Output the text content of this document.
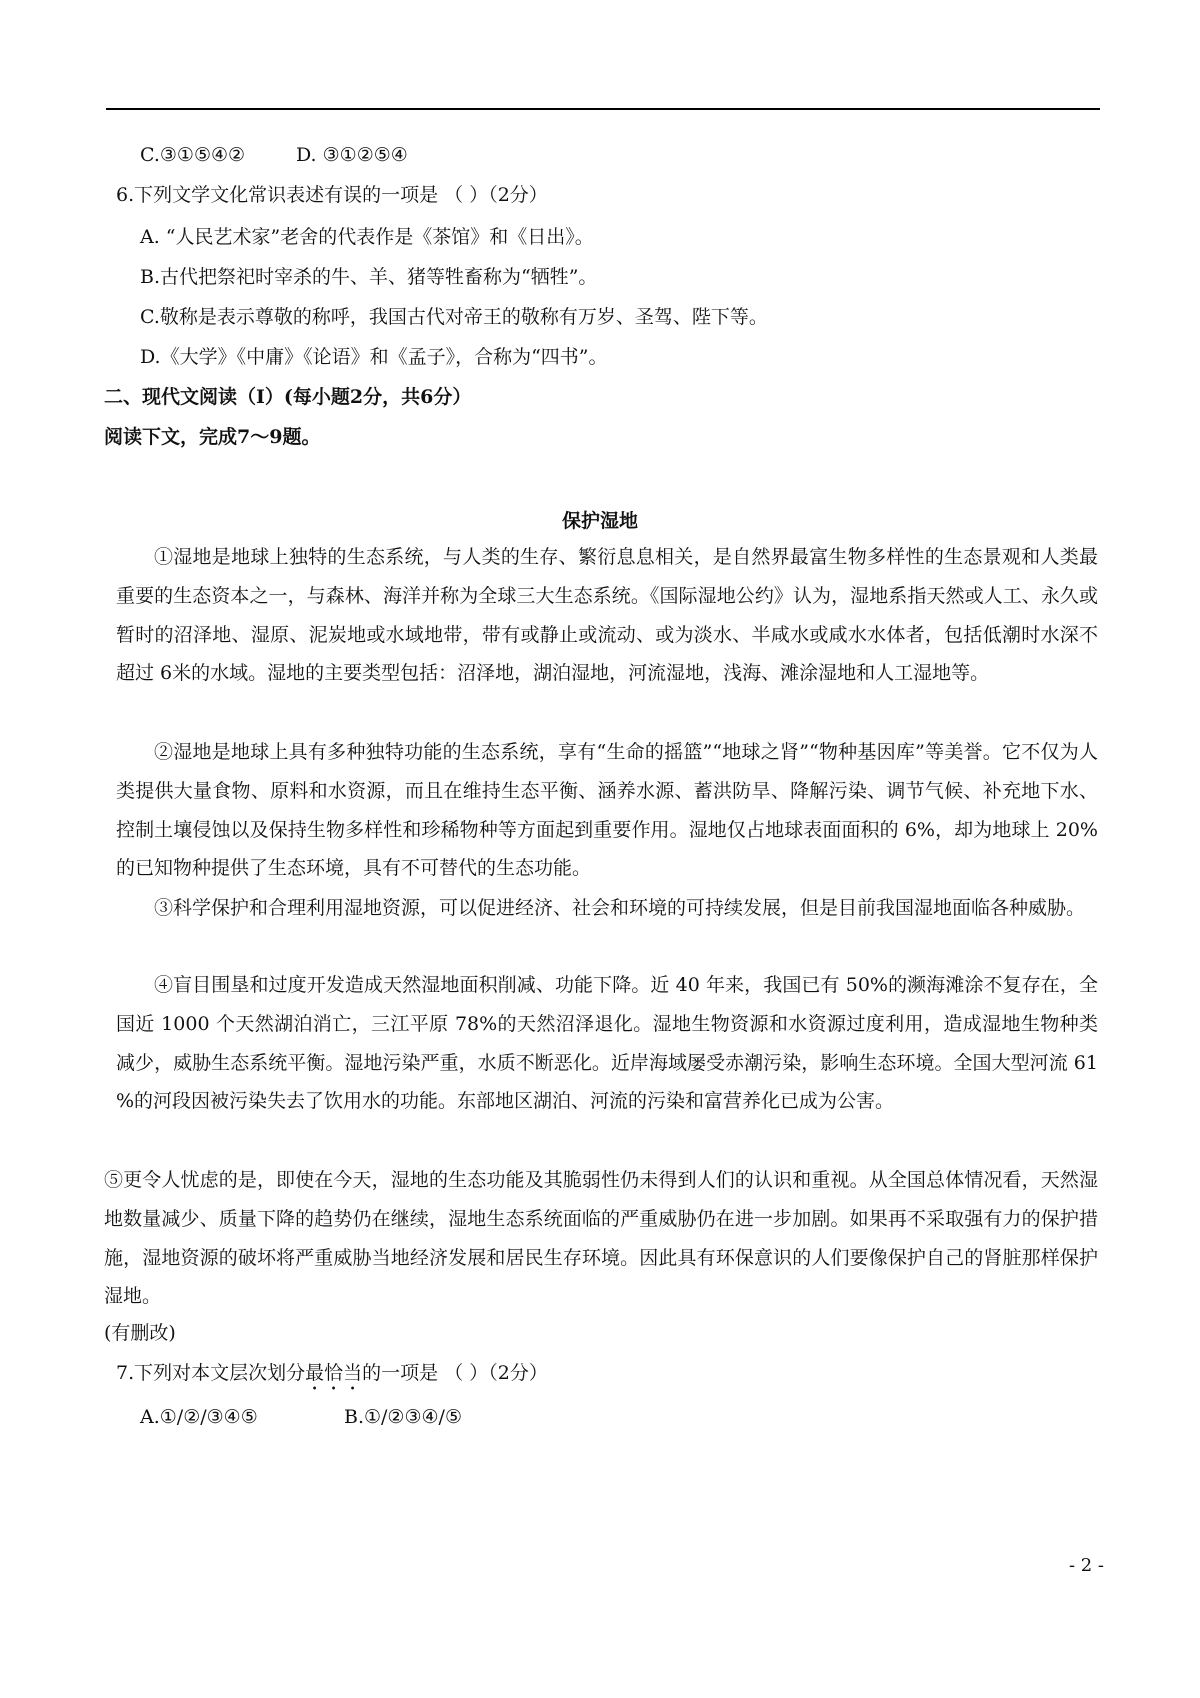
C.③①⑤④②	D. ③①②⑤④
6.下列文学文化常识表述有误的一项是 （ ）（2分）
A. “人民艺术家”老舍的代表作是《茶馆》和《日出》。
B.古代把祭祀时宰杀的牛、羊、猪等牲畜称为“牺牲”。
C.敬称是表示尊敬的称呼，我国古代对帝王的敬称有万岁、圣驾、陛下等。
D.《大学》《中庸》《论语》和《孟子》，合称为“四书”。
二、现代文阅读（Ⅰ）(每小题2分，共6分）
阅读下文，完成7～9题。
保护湿地
①湿地是地球上独特的生态系统，与人类的生存、繁衍息息相关，是自然界最富生物多样性的生态景观和人类最重要的生态资本之一，与森林、海洋并称为全球三大生态系统。《国际湿地公约》认为，湿地系指天然或人工、永久或暂时的沼泽地、湿原、泥炭地或水域地带，带有或静止或流动、或为淡水、半咸水或咸水水体者，包括低潮时水深不超过 6米的水域。湿地的主要类型包括：沼泽地，湖泊湿地，河流湿地，浅海、滩涂湿地和人工湿地等。
②湿地是地球上具有多种独特功能的生态系统，享有“生命的摇篮”“地球之肾”“物种基因库”等美誉。它不仅为人类提供大量食物、原料和水资源，而且在维持生态平衡、涵养水源、蓄洪防旱、降解污染、调节气候、补充地下水、控制土壤侵蚀以及保持生物多样性和珍稀物种等方面起到重要作用。湿地仅占地球表面面积的 6%，却为地球上 20%的已知物种提供了生态环境，具有不可替代的生态功能。
③科学保护和合理利用湿地资源，可以促进经济、社会和环境的可持续发展，但是目前我国湿地面临各种威胁。
④盲目围垦和过度开发造成天然湿地面积削减、功能下降。近 40 年来，我国已有 50%的濒海滩涂不复存在，全国近 1000 个天然湖泊消亡，三江平原 78%的天然沼泽退化。湿地生物资源和水资源过度利用，造成湿地生物种类减少，威胁生态系统平衡。湿地污染严重，水质不断恶化。近岸海域屡受赤潮污染，影响生态环境。全国大型河流 61 %的河段因被污染失去了饮用水的功能。东部地区湖泊、河流的污染和富营养化已成为公害。
⑤更令人忧虑的是，即使在今天，湿地的生态功能及其脆弱性仍未得到人们的认识和重视。从全国总体情况看，天然湿地数量减少、质量下降的趋势仍在继续，湿地生态系统面临的严重威胁仍在进一步加剧。如果再不采取强有力的保护措施，湿地资源的破坏将严重威胁当地经济发展和居民生存环境。因此具有环保意识的人们要像保护自己的肾脏那样保护湿地。
(有删改)
7.下列对本文层次划分最恰当的一项是 （ ）（2分）
A.①/②/③④⑤	B.①/②③④/⑤
- 2 -
